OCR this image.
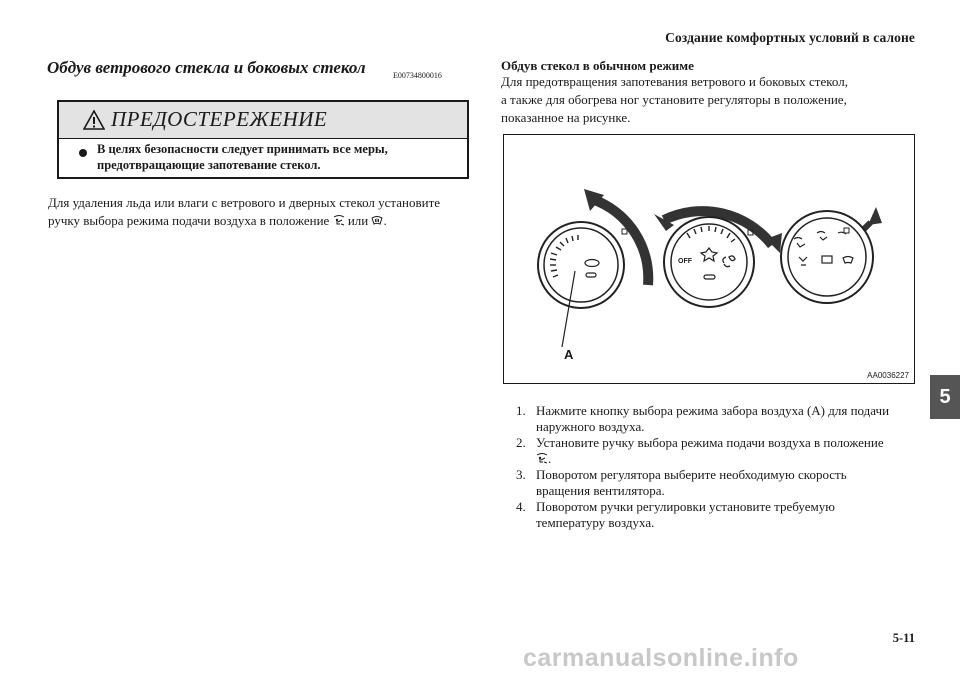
Создание комфортных условий в салоне
Обдув ветрового стекла и боковых стекол	E00734800016
ПРЕДОСТЕРЕЖЕНИЕ
В целях безопасности следует принимать все меры,
предотвращающие запотевание стекол.
Для удаления льда или влаги с ветрового и дверных стекол установите
ручку выбора режима подачи воздуха в положение или .
Обдув стекол в обычном режиме
Для предотвращения запотевания ветрового и боковых стекол,
а также для обогрева ног установите регуляторы в положение,
показанное на рисунке.
OFF
A
AA0036227
1. Нажмите кнопку выбора режима забора воздуха (A) для подачи
наружного воздуха.
2. Установите ручку выбора режима подачи воздуха в положение
.
3. Поворотом регулятора выберите необходимую скорость
вращения вентилятора.
4. Поворотом ручки регулировки установите требуемую
температуру воздуха.
5
5-11
carmanualsonline.info
